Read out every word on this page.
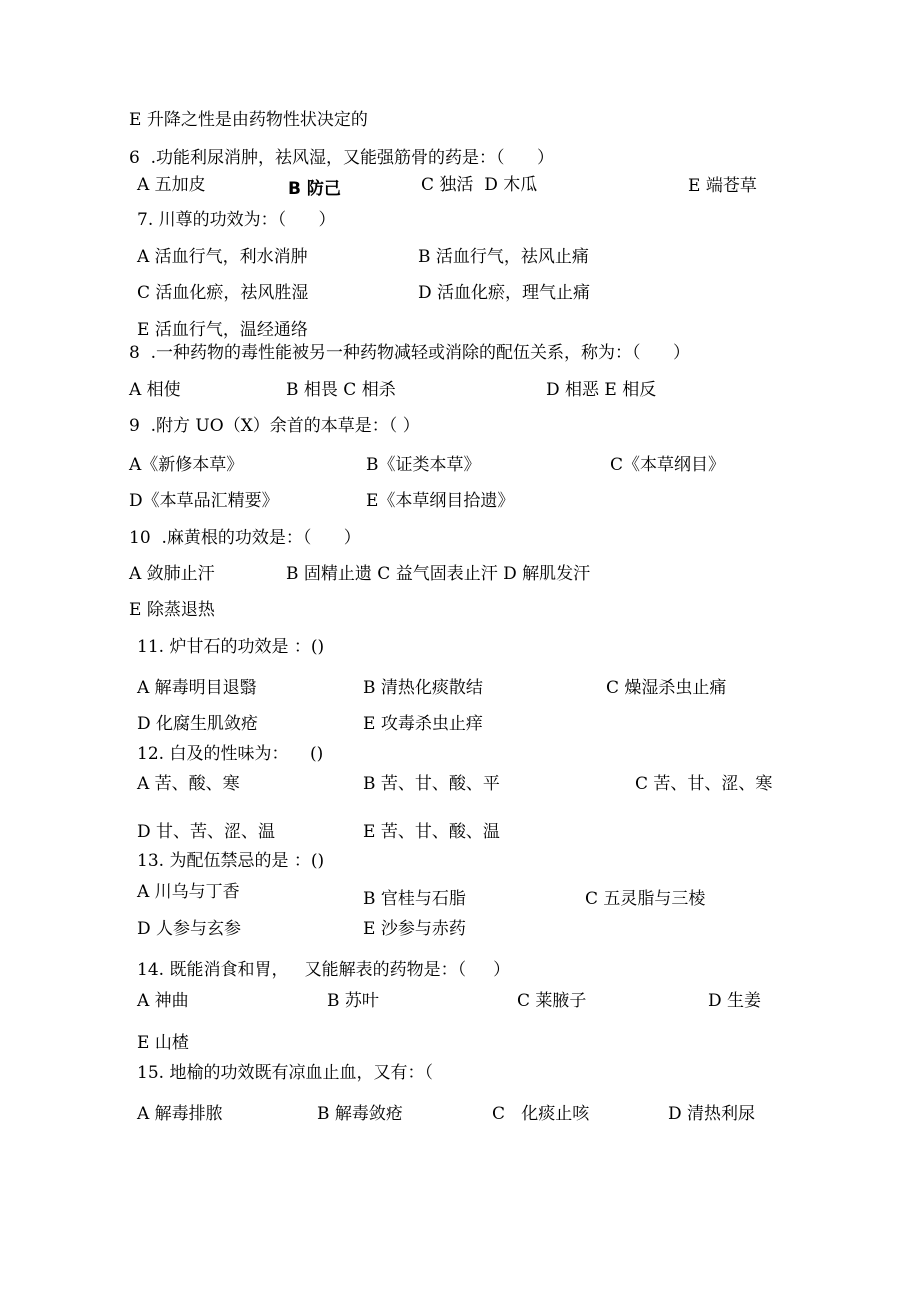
E 升降之性是由药物性状决定的
6  .功能利尿消肿，祛风湿，又能强筋骨的药是：（      ）
A 五加皮	B 防己	C 独活  D 木瓜	E 端苍草
7. 川尊的功效为：（      ）
A 活血行气，利水消肿	B 活血行气，祛风止痛
C 活血化瘀，祛风胜湿	D 活血化瘀，理气止痛
E 活血行气，温经通络
8  .一种药物的毒性能被另一种药物减轻或消除的配伍关系，称为：（      ）
A 相使	B 相畏 C 相杀	D 相恶 E 相反
9  .附方 UO（X）余首的本草是：（ ）
A《新修本草》	B《证类本草》	C《本草纲目》
D《本草品汇精要》	E《本草纲目拾遗》
10  .麻黄根的功效是：（      ）
A 敛肺止汗	B 固精止遗 C 益气固表止汗 D 解肌发汗
E 除蒸退热
11. 炉甘石的功效是 ：()
A 解毒明目退翳	B 清热化痰散结	C 燥湿杀虫止痛
D 化腐生肌敛疮	E 攻毒杀虫止痒
12. 白及的性味为：    ()
A 苦、酸、寒	B 苦、甘、酸、平	C 苦、甘、涩、寒
D 甘、苦、涩、温	E 苦、甘、酸、温
13. 为配伍禁忌的是 ：()
A 川乌与丁香	B 官桂与石脂	C 五灵脂与三棱
D 人参与玄参	E 沙参与赤药
14. 既能消食和胃，   又能解表的药物是：（     ）
A 神曲	B 苏叶	C 莱腋子	D 生姜
E 山楂
15. 地榆的功效既有凉血止血，又有：（
A 解毒排脓	B 解毒敛疮	C   化痰止咳	D 清热利尿
